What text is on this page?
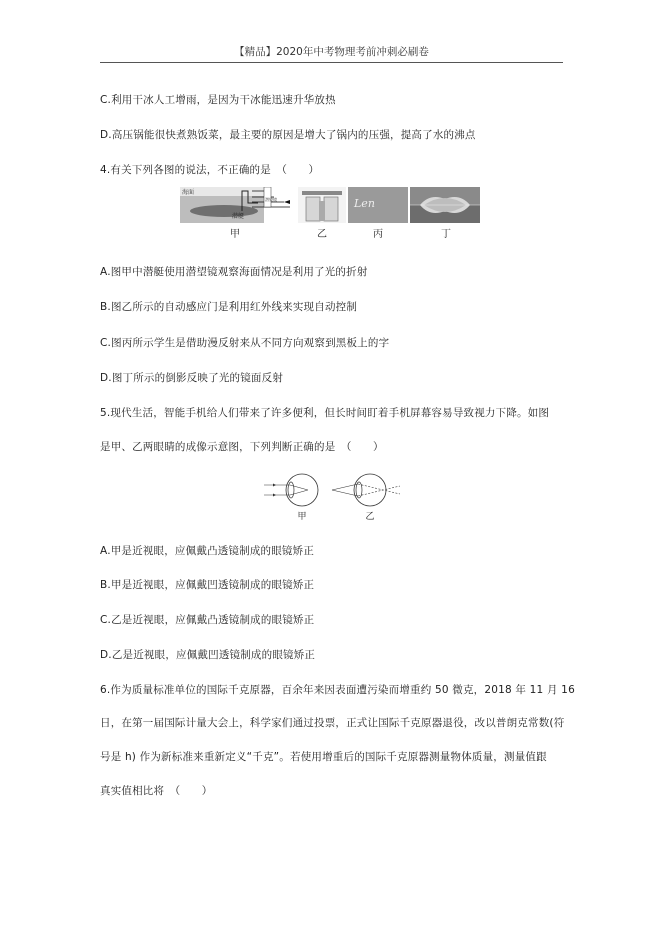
【精品】2020年中考物理考前冲刺必刷卷
C.利用干冰人工增雨，是因为干冰能迅速升华放热
D.高压锅能很快煮熟饭菜，最主要的原因是增大了锅内的压强，提高了水的沸点
4.有关下列各图的说法，不正确的是　（　　）
海面
潜艇
潜望镜
甲	乙
Len
丙	丁
A.图甲中潜艇使用潜望镜观察海面情况是利用了光的折射
B.图乙所示的自动感应门是利用红外线来实现自动控制
C.图丙所示学生是借助漫反射来从不同方向观察到黑板上的字
D.图丁所示的倒影反映了光的镜面反射
5.现代生活，智能手机给人们带来了许多便利，但长时间盯着手机屏幕容易导致视力下降。如图
是甲、乙两眼睛的成像示意图，下列判断正确的是　（　　）
甲	乙
A.甲是近视眼，应佩戴凸透镜制成的眼镜矫正
B.甲是近视眼，应佩戴凹透镜制成的眼镜矫正
C.乙是近视眼，应佩戴凸透镜制成的眼镜矫正
D.乙是近视眼，应佩戴凹透镜制成的眼镜矫正
6.作为质量标准单位的国际千克原器，百余年来因表面遭污染而增重约 50 微克，2018 年 11 月 16
日，在第一届国际计量大会上，科学家们通过投票，正式让国际千克原器退役，改以普朗克常数(符
号是 h) 作为新标准来重新定义“千克”。若使用增重后的国际千克原器测量物体质量，测量值跟
真实值相比将　（　　）
